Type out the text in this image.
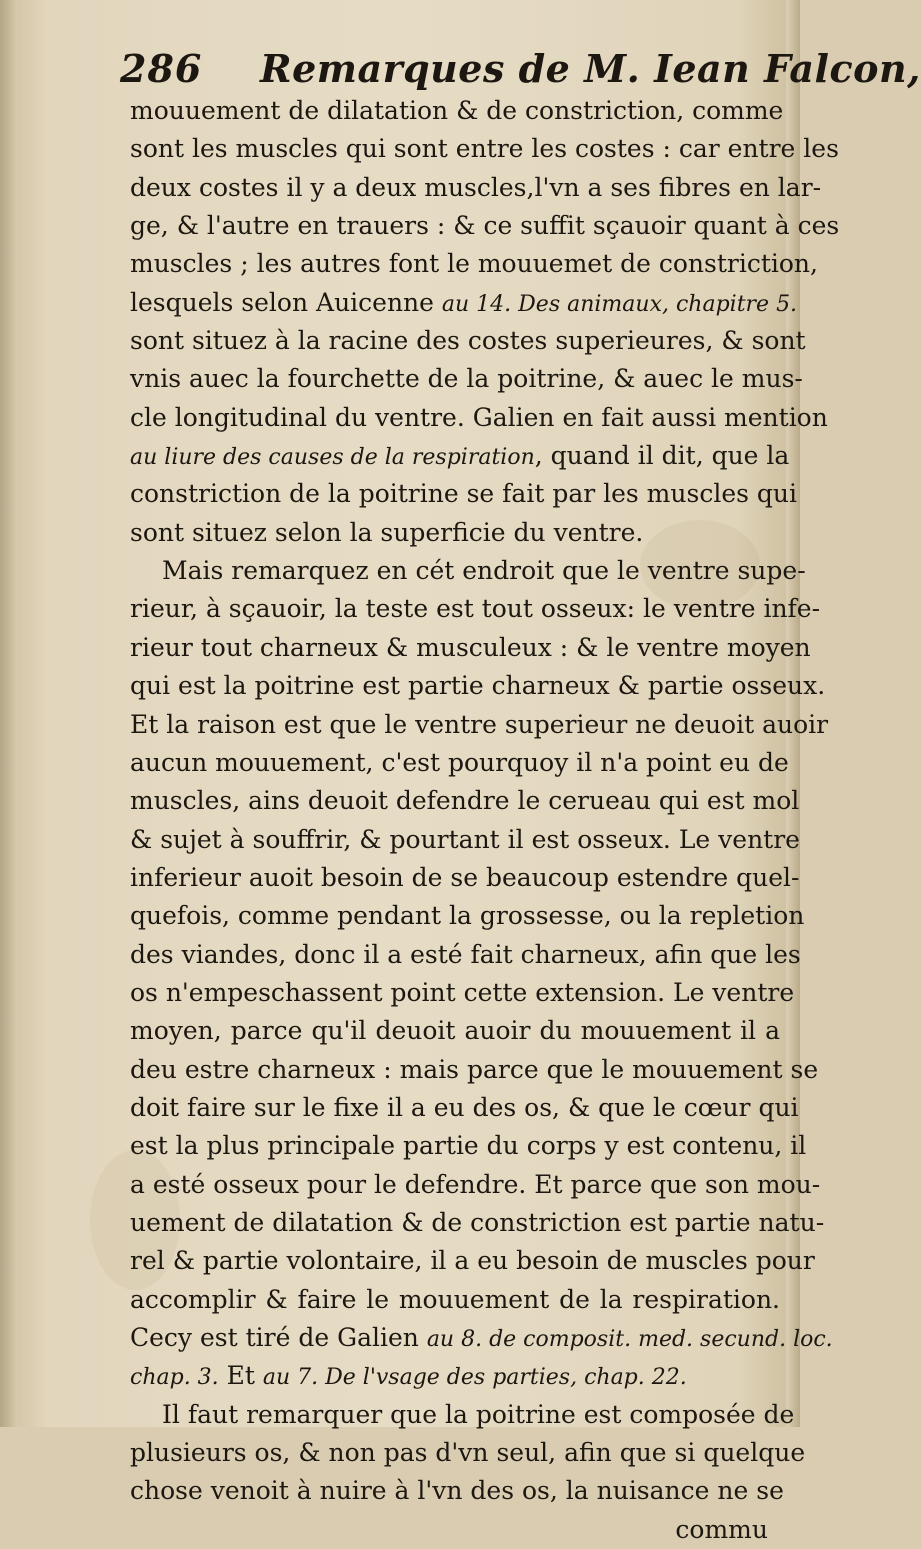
286 Remarques de M. Iean Falcon,
mouuement de dilatation & de constriction, comme
sont les muscles qui sont entre les costes : car entre les
deux costes il y a deux muscles,l'vn a ses fibres en lar-
ge, & l'autre en trauers : & ce suffit sçauoir quant à ces
muscles ; les autres font le mouuemet de constriction,
lesquels selon Auicenne au 14. Des animaux, chapitre 5.
sont situez à la racine des costes superieures, & sont
vnis auec la fourchette de la poitrine, & auec le mus-
cle longitudinal du ventre. Galien en fait aussi mention
au liure des causes de la respiration, quand il dit, que la
constriction de la poitrine se fait par les muscles qui
sont situez selon la superficie du ventre.
Mais remarquez en cét endroit que le ventre supe-
rieur, à sçauoir, la teste est tout osseux: le ventre infe-
rieur tout charneux & musculeux : & le ventre moyen
qui est la poitrine est partie charneux & partie osseux.
Et la raison est que le ventre superieur ne deuoit auoir
aucun mouuement, c'est pourquoy il n'a point eu de
muscles, ains deuoit defendre le cerueau qui est mol
& sujet à souffrir, & pourtant il est osseux. Le ventre
inferieur auoit besoin de se beaucoup estendre quel-
quefois, comme pendant la grossesse, ou la repletion
des viandes, donc il a esté fait charneux, afin que les
os n'empeschassent point cette extension. Le ventre
moyen, parce qu'il deuoit auoir du mouuement il a
deu estre charneux : mais parce que le mouuement se
doit faire sur le fixe il a eu des os, & que le cœur qui
est la plus principale partie du corps y est contenu, il
a esté osseux pour le defendre. Et parce que son mou-
uement de dilatation & de constriction est partie natu-
rel & partie volontaire, il a eu besoin de muscles pour
accomplir & faire le mouuement de la respiration.
Cecy est tiré de Galien au 8. de composit. med. secund. loc.
chap. 3. Et au 7. De l'vsage des parties, chap. 22.
Il faut remarquer que la poitrine est composée de
plusieurs os, & non pas d'vn seul, afin que si quelque
chose venoit à nuire à l'vn des os, la nuisance ne se
commu
